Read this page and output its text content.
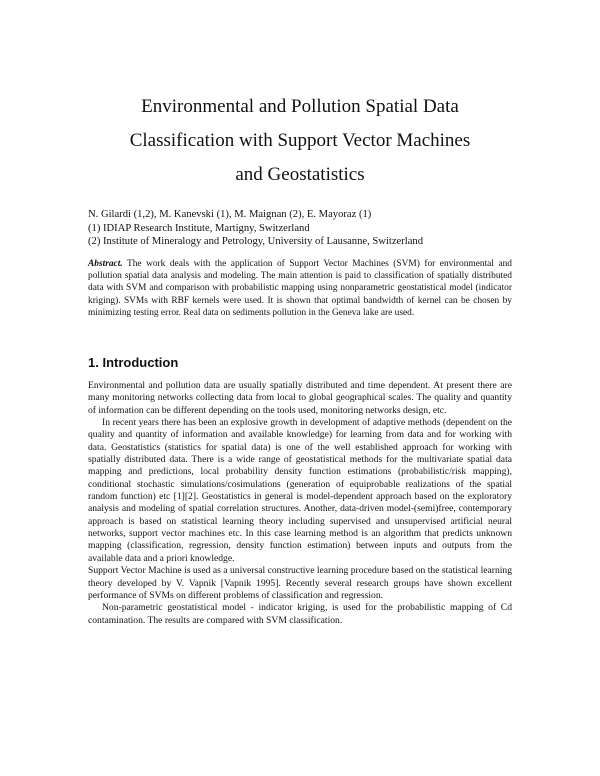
Environmental and Pollution Spatial Data
Classification with Support Vector Machines
and Geostatistics
N. Gilardi (1,2), M. Kanevski (1), M. Maignan (2), E. Mayoraz (1)
(1) IDIAP Research Institute, Martigny, Switzerland
(2) Institute of Mineralogy and Petrology, University of Lausanne, Switzerland
Abstract. The work deals with the application of Support Vector Machines (SVM) for environmental and pollution spatial data analysis and modeling. The main attention is paid to classification of spatially distributed data with SVM and comparison with probabilistic mapping using nonparametric geostatistical model (indicator kriging). SVMs with RBF kernels were used. It is shown that optimal bandwidth of kernel can be chosen by minimizing testing error. Real data on sediments pollution in the Geneva lake are used.
1. Introduction

Environmental and pollution data are usually spatially distributed and time dependent. At present there are many monitoring networks collecting data from local to global geographical scales. The quality and quantity of information can be different depending on the tools used, monitoring networks design, etc.

In recent years there has been an explosive growth in development of adaptive methods (dependent on the quality and quantity of information and available knowledge) for learning from data and for working with data. Geostatistics (statistics for spatial data) is one of the well established approach for working with spatially distributed data. There is a wide range of geostatistical methods for the multivariate spatial data mapping and predictions, local probability density function estimations (probabilistic/risk mapping), conditional stochastic simulations/cosimulations (generation of equiprobable realizations of the spatial random function) etc [1][2]. Geostatistics in general is model-dependent approach based on the exploratory analysis and modeling of spatial correlation structures. Another, data-driven model-(semi)free, contemporary approach is based on statistical learning theory including supervised and unsupervised artificial neural networks, support vector machines etc. In this case learning method is an algorithm that predicts unknown mapping (classification, regression, density function estimation) between inputs and outputs from the available data and a priori knowledge.

Support Vector Machine is used as a universal constructive learning procedure based on the statistical learning theory developed by V. Vapnik [Vapnik 1995]. Recently several research groups have shown excellent performance of SVMs on different problems of classification and regression.

Non-parametric geostatistical model - indicator kriging, is used for the probabilistic mapping of Cd contamination. The results are compared with SVM classification.
